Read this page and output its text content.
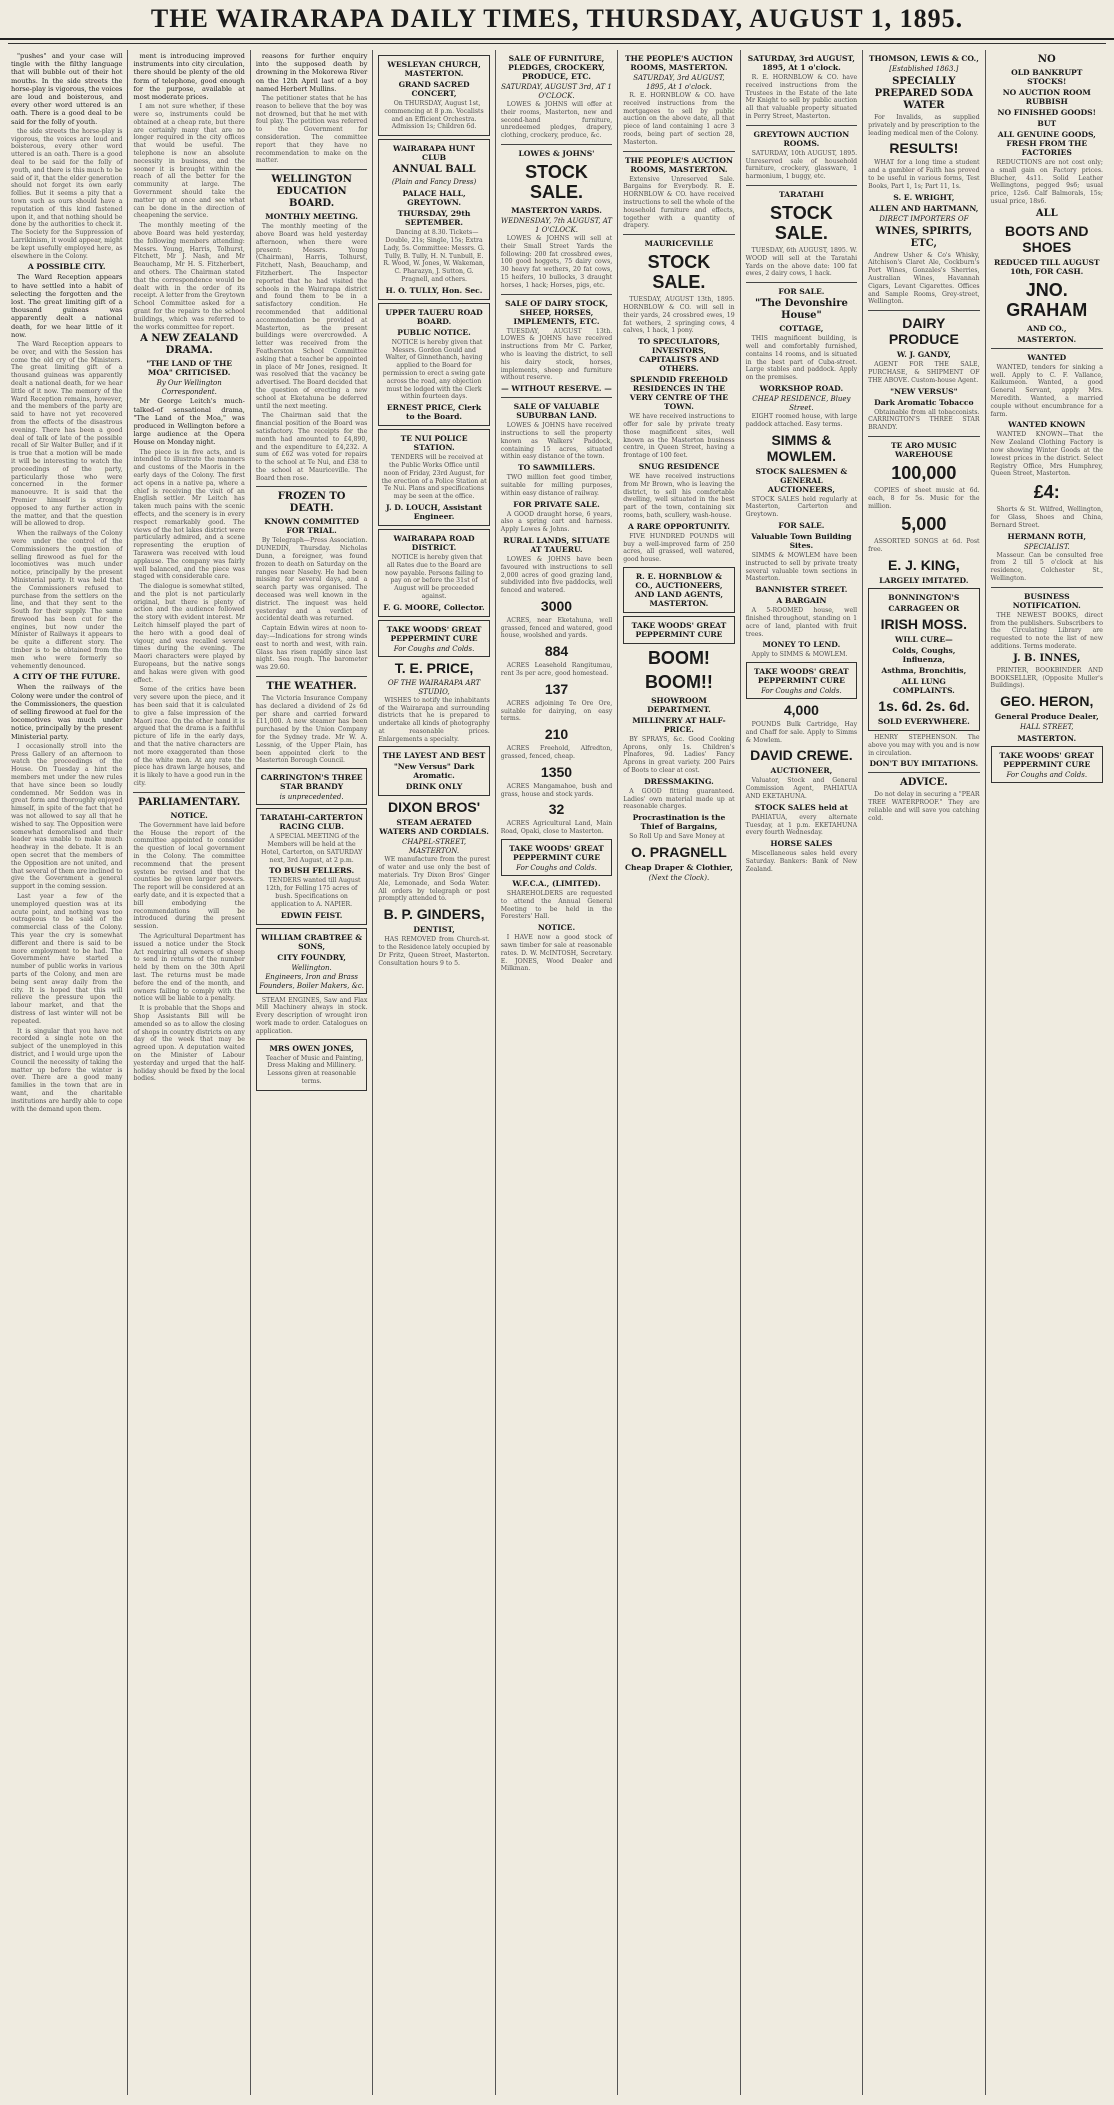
THE WAIRARAPA DAILY TIMES, THURSDAY, AUGUST 1, 1895.

"pushes" and your case will tingle with the filthy language that will bubble out of their hot mouths. In the side streets the horse-play is vigorous, the voices are loud and boisterous, and every other word uttered is an oath. There is a good deal to be said for the folly of youth.

the side streets the horse-play is vigorous, the voices are loud and boisterous, every other word uttered is an oath. There is a good deal to be said for the folly of youth, and there is this much to be said of it, that the elder generation should not forget its own early follies. But it seems a pity that a town such as ours should have a reputation of this kind fastened upon it, and that nothing should be done by the authorities to check it. The Society for the Suppression of Larrikinism, it would appear, might be kept usefully employed here, as elsewhere in the Colony.

A POSSIBLE CITY.

The Ward Reception appears to have settled into a habit of selecting the forgotten and the lost. The great limiting gift of a thousand guineas was apparently dealt a national death, for we hear little of it now.

The Ward Reception appears to be over, and with the Session has come the old cry of the Ministers. The great limiting gift of a thousand guineas was apparently dealt a national death, for we hear little of it now. The memory of the Ward Reception remains, however, and the members of the party are said to have not yet recovered from the effects of the disastrous evening. There has been a good deal of talk of late of the possible recall of Sir Walter Buller, and if it is true that a motion will be made it will be interesting to watch the proceedings of the party, particularly those who were concerned in the former manoeuvre. It is said that the Premier himself is strongly opposed to any further action in the matter, and that the question will be allowed to drop.

When the railways of the Colony were under the control of the Commissioners the question of selling firewood as fuel for the locomotives was much under notice, principally by the present Ministerial party. It was held that the Commissioners refused to purchase from the settlers on the line, and that they sent to the South for their supply. The same firewood has been cut for the engines, but now under the Minister of Railways it appears to be quite a different story. The timber is to be obtained from the men who were formerly so vehemently denounced.

A CITY OF THE FUTURE.

When the railways of the Colony were under the control of the Commissioners, the question of selling firewood at fuel for the locomotives was much under notice, principally by the present Ministerial party.

I occasionally stroll into the Press Gallery of an afternoon to watch the proceedings of the House. On Tuesday a hint the members met under the new rules that have since been so loudly condemned. Mr Seddon was in great form and thoroughly enjoyed himself, in spite of the fact that he was not allowed to say all that he wished to say. The Opposition were somewhat demoralised and their leader was unable to make much headway in the debate. It is an open secret that the members of the Opposition are not united, and that several of them are inclined to give the Government a general support in the coming session.

Last year a few of the unemployed question was at its acute point, and nothing was too outrageous to be said of the commercial class of the Colony. This year the cry is somewhat different and there is said to be more employment to be had. The Government have started a number of public works in various parts of the Colony, and men are being sent away daily from the city. It is hoped that this will relieve the pressure upon the labour market, and that the distress of last winter will not be repeated.

It is singular that you have not recorded a single note on the subject of the unemployed in this district, and I would urge upon the Council the necessity of taking the matter up before the winter is over. There are a good many families in the town that are in want, and the charitable institutions are hardly able to cope with the demand upon them.

ment is introducing improved instruments into city circulation, there should be plenty of the old form of telephone, good enough for the purpose, available at most moderate prices.

I am not sure whether, if these were so, instruments could be obtained at a cheap rate, but there are certainly many that are no longer required in the city offices that would be useful. The telephone is now an absolute necessity in business, and the sooner it is brought within the reach of all the better for the community at large. The Government should take the matter up at once and see what can be done in the direction of cheapening the service.

The monthly meeting of the above Board was held yesterday, the following members attending: Messrs. Young, Harris, Tolhurst, Fitchett, Mr J. Nash, and Mr Beauchamp, Mr H. S. Fitzherbert, and others. The Chairman stated that the correspondence would be dealt with in the order of its receipt. A letter from the Greytown School Committee asked for a grant for the repairs to the school buildings, which was referred to the works committee for report.

A NEW ZEALAND DRAMA.
"THE LAND OF THE MOA" CRITICISED.
By Our Wellington Correspondent.

Mr George Leitch's much-talked-of sensational drama, "The Land of the Moa," was produced in Wellington before a large audience at the Opera House on Monday night.

The piece is in five acts, and is intended to illustrate the manners and customs of the Maoris in the early days of the Colony. The first act opens in a native pa, where a chief is receiving the visit of an English settler. Mr Leitch has taken much pains with the scenic effects, and the scenery is in every respect remarkably good. The views of the hot lakes district were particularly admired, and a scene representing the eruption of Tarawera was received with loud applause. The company was fairly well balanced, and the piece was staged with considerable care.

The dialogue is somewhat stilted, and the plot is not particularly original, but there is plenty of action and the audience followed the story with evident interest. Mr Leitch himself played the part of the hero with a good deal of vigour, and was recalled several times during the evening. The Maori characters were played by Europeans, but the native songs and hakas were given with good effect.

Some of the critics have been very severe upon the piece, and it has been said that it is calculated to give a false impression of the Maori race. On the other hand it is argued that the drama is a faithful picture of life in the early days, and that the native characters are not more exaggerated than those of the white men. At any rate the piece has drawn large houses, and it is likely to have a good run in the city.

PARLIAMENTARY.
NOTICE.

The Government have laid before the House the report of the committee appointed to consider the question of local government in the Colony. The committee recommend that the present system be revised and that the counties be given larger powers. The report will be considered at an early date, and it is expected that a bill embodying the recommendations will be introduced during the present session.

The Agricultural Department has issued a notice under the Stock Act requiring all owners of sheep to send in returns of the number held by them on the 30th April last. The returns must be made before the end of the month, and owners failing to comply with the notice will be liable to a penalty.

It is probable that the Shops and Shop Assistants Bill will be amended so as to allow the closing of shops in country districts on any day of the week that may be agreed upon. A deputation waited on the Minister of Labour yesterday and urged that the half-holiday should be fixed by the local bodies.

reasons for further enquiry into the supposed death by drowning in the Mokorewa River on the 12th April last of a boy named Herbert Mullins.

The petitioner states that he has reason to believe that the boy was not drowned, but that he met with foul play. The petition was referred to the Government for consideration. The committee report that they have no recommendation to make on the matter.

WELLINGTON EDUCATION BOARD.
MONTHLY MEETING.

The monthly meeting of the above Board was held yesterday afternoon, when there were present: Messrs. Young (Chairman), Harris, Tolhurst, Fitchett, Nash, Beauchamp, and Fitzherbert. The Inspector reported that he had visited the schools in the Wairarapa district and found them to be in a satisfactory condition. He recommended that additional accommodation be provided at Masterton, as the present buildings were overcrowded. A letter was received from the Featherston School Committee asking that a teacher be appointed in place of Mr Jones, resigned. It was resolved that the vacancy be advertised. The Board decided that the question of erecting a new school at Eketahuna be deferred until the next meeting.

The Chairman said that the financial position of the Board was satisfactory. The receipts for the month had amounted to £4,890, and the expenditure to £4,232. A sum of £62 was voted for repairs to the school at Te Nui, and £38 to the school at Mauriceville. The Board then rose.

FROZEN TO DEATH.
KNOWN COMMITTED FOR TRIAL.

By Telegraph—Press Association. DUNEDIN, Thursday. Nicholas Dunn, a foreigner, was found frozen to death on Saturday on the ranges near Naseby. He had been missing for several days, and a search party was organised. The deceased was well known in the district. The inquest was held yesterday and a verdict of accidental death was returned.

Captain Edwin wires at noon to-day:—Indications for strong winds east to north and west, with rain. Glass has risen rapidly since last night. Sea rough. The barometer was 29.60.

THE WEATHER.

The Victoria Insurance Company has declared a dividend of 2s 6d per share and carried forward £11,000. A new steamer has been purchased by the Union Company for the Sydney trade. Mr W. A. Lessnig, of the Upper Plain, has been appointed clerk to the Masterton Borough Council.

CARRINGTON'S THREE STAR BRANDY
is unprecedented.
TARATAHI-CARTERTON RACING CLUB.

A SPECIAL MEETING of the Members will be held at the Hotel, Carterton, on SATURDAY next, 3rd August, at 2 p.m.

TO BUSH FELLERS.

TENDERS wanted till August 12th, for Felling 175 acres of bush. Specifications on application to A. NAPIER.

EDWIN FEIST.
WILLIAM CRABTREE & SONS,
CITY FOUNDRY,
Wellington.
Engineers, Iron and Brass Founders, Boiler Makers, &c.

STEAM ENGINES, Saw and Flax Mill Machinery always in stock. Every description of wrought iron work made to order. Catalogues on application.

MRS OWEN JONES,

Teacher of Music and Painting, Dress Making and Millinery. Lessons given at reasonable terms.

WESLEYAN CHURCH, MASTERTON.
GRAND SACRED CONCERT,

On THURSDAY, August 1st, commencing at 8 p.m. Vocalists and an Efficient Orchestra. Admission 1s; Children 6d.

WAIRARAPA HUNT CLUB
ANNUAL BALL
(Plain and Fancy Dress)
PALACE HALL, GREYTOWN.
THURSDAY, 29th SEPTEMBER.

Dancing at 8.30. Tickets—Double, 21s; Single, 15s; Extra Lady, 5s. Committee: Messrs. G. Tully, B. Tully, H. N. Tunbull, E. R. Wood, W. Jones, W. Wakeman, C. Pharazyn, J. Sutton, G. Pragnell, and others.

H. O. TULLY, Hon. Sec.
UPPER TAUERU ROAD BOARD.
PUBLIC NOTICE.

NOTICE is hereby given that Messrs. Gordon Gould and Walter, of Ginnethanch, having applied to the Board for permission to erect a swing gate across the road, any objection must be lodged with the Clerk within fourteen days.

ERNEST PRICE, Clerk to the Board.
TE NUI POLICE STATION.

TENDERS will be received at the Public Works Office until noon of Friday, 23rd August, for the erection of a Police Station at Te Nui. Plans and specifications may be seen at the office.

J. D. LOUCH, Assistant Engineer.
WAIRARAPA ROAD DISTRICT.

NOTICE is hereby given that all Rates due to the Board are now payable. Persons failing to pay on or before the 31st of August will be proceeded against.

F. G. MOORE, Collector.
TAKE WOODS' GREAT PEPPERMINT CURE
For Coughs and Colds.
T. E. PRICE,
OF THE WAIRARAPA ART STUDIO,

WISHES to notify the inhabitants of the Wairarapa and surrounding districts that he is prepared to undertake all kinds of photography at reasonable prices. Enlargements a specialty.

THE LAYEST AND BEST
"New Versus" Dark Aromatic.
DRINK ONLY
DIXON BROS'
STEAM AERATED WATERS AND CORDIALS.
CHAPEL-STREET, MASTERTON.

WE manufacture from the purest of water and use only the best of materials. Try Dixon Bros' Ginger Ale, Lemonade, and Soda Water. All orders by telegraph or post promptly attended to.

B. P. GINDERS,
DENTIST,

HAS REMOVED from Church-st. to the Residence lately occupied by Dr Fritz, Queen Street, Masterton. Consultation hours 9 to 5.

SALE OF FURNITURE, PLEDGES, CROCKERY, PRODUCE, ETC.
SATURDAY, AUGUST 3rd, AT 1 O'CLOCK.

LOWES & JOHNS will offer at their rooms, Masterton, new and second-hand furniture, unredeemed pledges, drapery, clothing, crockery, produce, &c.

LOWES & JOHNS'
STOCK SALE.
MASTERTON YARDS.
WEDNESDAY, 7th AUGUST, AT 1 O'CLOCK.

LOWES & JOHNS will sell at their Small Street Yards the following: 200 fat crossbred ewes, 100 good hoggets, 75 dairy cows, 30 heavy fat wethers, 20 fat cows, 15 heifers, 10 bullocks, 3 draught horses, 1 hack; Horses, pigs, etc.

SALE OF DAIRY STOCK, SHEEP, HORSES, IMPLEMENTS, ETC.

TUESDAY, AUGUST 13th. LOWES & JOHNS have received instructions from Mr C. Parker, who is leaving the district, to sell his dairy stock, horses, implements, sheep and furniture without reserve.

— WITHOUT RESERVE. —
SALE OF VALUABLE SUBURBAN LAND.

LOWES & JOHNS have received instructions to sell the property known as Walkers' Paddock, containing 15 acres, situated within easy distance of the town.

TO SAWMILLERS.

TWO million feet good timber, suitable for milling purposes, within easy distance of railway.

FOR PRIVATE SALE.

A GOOD draught horse, 6 years, also a spring cart and harness. Apply Lowes & Johns.

RURAL LANDS, SITUATE AT TAUERU.

LOWES & JOHNS have been favoured with instructions to sell 2,000 acres of good grazing land, subdivided into five paddocks, well fenced and watered.

3000

ACRES, near Eketahuna, well grassed, fenced and watered, good house, woolshed and yards.

884

ACRES Leasehold Rangitumau, rent 3s per acre, good homestead.

137

ACRES adjoining Te Ore Ore, suitable for dairying, on easy terms.

210

ACRES Freehold, Alfredton, grassed, fenced, cheap.

1350

ACRES Mangamahoe, bush and grass, house and stock yards.

32

ACRES Agricultural Land, Main Road, Opaki, close to Masterton.

TAKE WOODS' GREAT PEPPERMINT CURE
For Coughs and Colds.
W.F.C.A., (LIMITED).

SHAREHOLDERS are requested to attend the Annual General Meeting to be held in the Foresters' Hall.

NOTICE.

I HAVE now a good stock of sawn timber for sale at reasonable rates. D. W. McINTOSH, Secretary. E. JONES, Wood Dealer and Milkman.

THE PEOPLE'S AUCTION ROOMS, MASTERTON.
SATURDAY, 3rd AUGUST, 1895, At 1 o'clock.

R. E. HORNBLOW & CO. have received instructions from the mortgagees to sell by public auction on the above date, all that piece of land containing 1 acre 3 roods, being part of section 28, Masterton.

THE PEOPLE'S AUCTION ROOMS, MASTERTON.

Extensive Unreserved Sale. Bargains for Everybody. R. E. HORNBLOW & CO. have received instructions to sell the whole of the household furniture and effects, together with a quantity of drapery.

MAURICEVILLE
STOCK SALE.

TUESDAY, AUGUST 13th, 1895. HORNBLOW & CO. will sell in their yards, 24 crossbred ewes, 19 fat wethers, 2 springing cows, 4 calves, 1 hack, 1 pony.

TO SPECULATORS, INVESTORS, CAPITALISTS AND OTHERS.
SPLENDID FREEHOLD RESIDENCES IN THE VERY CENTRE OF THE TOWN.

WE have received instructions to offer for sale by private treaty those magnificent sites, well known as the Masterton business centre, in Queen Street, having a frontage of 100 feet.

SNUG RESIDENCE

WE have received instructions from Mr Brown, who is leaving the district, to sell his comfortable dwelling, well situated in the best part of the town, containing six rooms, bath, scullery, wash-house.

A RARE OPPORTUNITY.

FIVE HUNDRED POUNDS will buy a well-improved farm of 250 acres, all grassed, well watered, good house.

R. E. HORNBLOW & CO., AUCTIONEERS, AND LAND AGENTS, MASTERTON.
TAKE WOODS' GREAT PEPPERMINT CURE
BOOM!
BOOM!!
SHOWROOM DEPARTMENT.
MILLINERY AT HALF-PRICE.

BY SPRAYS, &c. Good Cooking Aprons, only 1s. Children's Pinafores, 9d. Ladies' Fancy Aprons in great variety. 200 Pairs of Boots to clear at cost.

DRESSMAKING.

A GOOD fitting guaranteed. Ladies' own material made up at reasonable charges.

Procrastination is the Thief of Bargains,

So Roll Up and Save Money at

O. PRAGNELL
Cheap Draper & Clothier,
(Next the Clock).
SATURDAY, 3rd AUGUST, 1895, At 1 o'clock.

R. E. HORNBLOW & CO. have received instructions from the Trustees in the Estate of the late Mr Knight to sell by public auction all that valuable property situated in Perry Street, Masterton.

GREYTOWN AUCTION ROOMS.

SATURDAY, 10th AUGUST, 1895. Unreserved sale of household furniture, crockery, glassware, 1 harmonium, 1 buggy, etc.

TARATAHI
STOCK SALE.

TUESDAY, 6th AUGUST, 1895. W. WOOD will sell at the Taratahi Yards on the above date: 100 fat ewes, 2 dairy cows, 1 hack.

FOR SALE.
"The Devonshire House"
COTTAGE,

THIS magnificent building, is well and comfortably furnished, contains 14 rooms, and is situated in the best part of Cuba-street. Large stables and paddock. Apply on the premises.

WORKSHOP ROAD.
CHEAP RESIDENCE, Bluey Street.

EIGHT roomed house, with large paddock attached. Easy terms.

SIMMS & MOWLEM.
STOCK SALESMEN & GENERAL AUCTIONEERS,

STOCK SALES held regularly at Masterton, Carterton and Greytown.

FOR SALE.
Valuable Town Building Sites.

SIMMS & MOWLEM have been instructed to sell by private treaty several valuable town sections in Masterton.

BANNISTER STREET.
A BARGAIN

A 5-ROOMED house, well finished throughout, standing on 1 acre of land, planted with fruit trees.

MONEY TO LEND.

Apply to SIMMS & MOWLEM.

TAKE WOODS' GREAT PEPPERMINT CURE
For Coughs and Colds.
4,000

POUNDS Bulk Cartridge, Hay and Chaff for sale. Apply to Simms & Mowlem.

DAVID CREWE.
AUCTIONEER,

Valuator, Stock and General Commission Agent, PAHIATUA AND EKETAHUNA.

STOCK SALES held at

PAHIATUA, every alternate Tuesday, at 1 p.m. EKETAHUNA every fourth Wednesday.

HORSE SALES

Miscellaneous sales held every Saturday. Bankers: Bank of New Zealand.

THOMSON, LEWIS & CO.,
[Established 1863.]
SPECIALLY PREPARED SODA WATER

For Invalids, as supplied privately and by prescription to the leading medical men of the Colony.

RESULTS!

WHAT for a long time a student and a gambler of Faith has proved to be useful in various forms, Test Books, Part 1, 1s; Part 11, 1s.

S. E. WRIGHT,
ALLEN AND HARTMANN,
DIRECT IMPORTERS OF
WINES, SPIRITS, ETC,

Andrew Usher & Co's Whisky, Aitchison's Claret Ale, Cockburn's Port Wines, Gonzales's Sherries, Australian Wines, Havannah Cigars, Levant Cigarettes. Offices and Sample Rooms, Grey-street, Wellington.

DAIRY PRODUCE
W. J. GANDY,

AGENT FOR THE SALE, PURCHASE, & SHIPMENT OF THE ABOVE. Custom-house Agent.

"NEW VERSUS"
Dark Aromatic Tobacco

Obtainable from all tobacconists. CARRINGTON'S THREE STAR BRANDY.

TE ARO MUSIC WAREHOUSE
100,000

COPIES of sheet music at 6d. each, 8 for 5s. Music for the million.

5,000

ASSORTED SONGS at 6d. Post free.

E. J. KING,
LARGELY IMITATED.
BONNINGTON'S
CARRAGEEN OR
IRISH MOSS.
WILL CURE—
Colds, Coughs, Influenza,
Asthma, Bronchitis,
ALL LUNG COMPLAINTS.
1s. 6d. 2s. 6d.
SOLD EVERYWHERE.

HENRY STEPHENSON. The above you may with you and is now in circulation.

DON'T BUY IMITATIONS.
ADVICE.

Do not delay in securing a "PEAR TREE WATERPROOF." They are reliable and will save you catching cold.

NO
OLD BANKRUPT STOCKS!
NO AUCTION ROOM RUBBISH
NO FINISHED GOODS!
BUT
ALL GENUINE GOODS, FRESH FROM THE FACTORIES

REDUCTIONS are not cost only; a small gain on Factory prices. Blucher, 4s11. Solid Leather Wellingtons, pegged 9s6; usual price, 12s6. Calf Balmorals, 15s; usual price, 18s6.

ALL
BOOTS AND SHOES
REDUCED TILL AUGUST 10th, FOR CASH.
JNO. GRAHAM
AND CO.,
MASTERTON.
WANTED

WANTED, tenders for sinking a well. Apply to C. F. Vallance, Kaikumeon. Wanted, a good General Servant, apply Mrs. Meredith. Wanted, a married couple without encumbrance for a farm.

WANTED KNOWN

WANTED KNOWN—That the New Zealand Clothing Factory is now showing Winter Goods at the lowest prices in the district. Select Registry Office, Mrs Humphrey, Queen Street, Masterton.

£4:

Shorts & St. Wilfred, Wellington, for Glass, Shoes and China, Bernard Street.

HERMANN ROTH,
SPECIALIST.

Masseur. Can be consulted free from 2 till 5 o'clock at his residence, Colchester St., Wellington.

BUSINESS NOTIFICATION.

THE NEWEST BOOKS, direct from the publishers. Subscribers to the Circulating Library are requested to note the list of new additions. Terms moderate.

J. B. INNES,

PRINTER, BOOKBINDER AND BOOKSELLER, (Opposite Muller's Buildings).

GEO. HERON,
General Produce Dealer,
HALL STREET,
MASTERTON.
TAKE WOODS' GREAT PEPPERMINT CURE
For Coughs and Colds.
